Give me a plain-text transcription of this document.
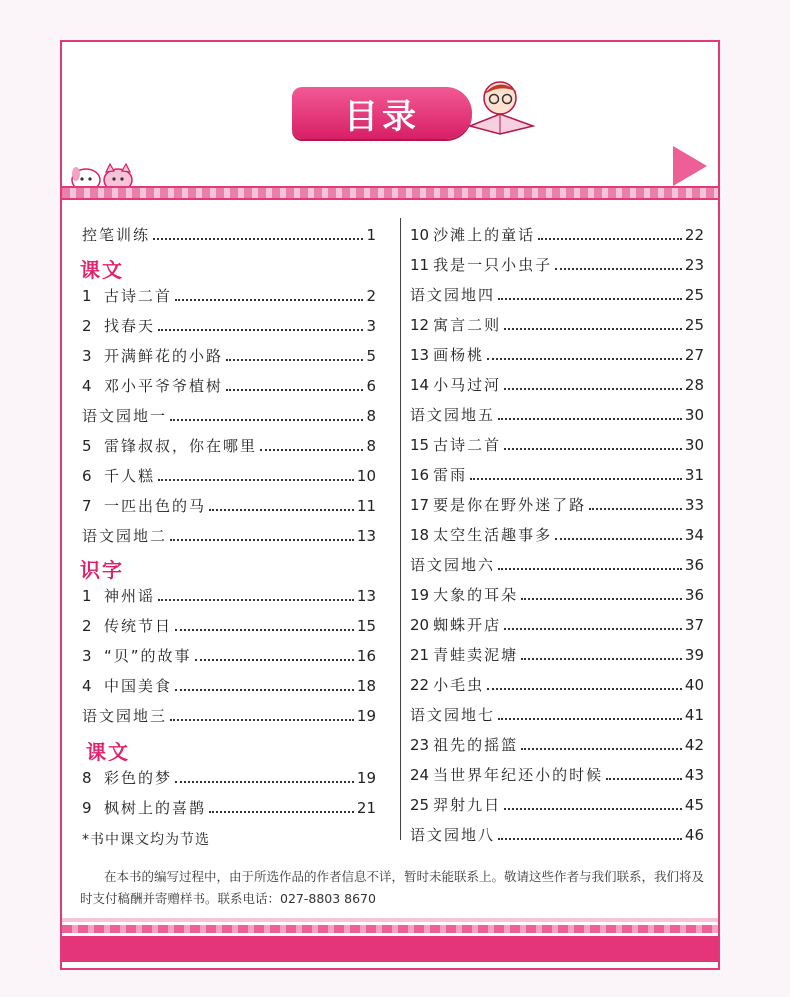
目录
控笔训练	1
课文
1 古诗二首	2
2 找春天	3
3 开满鲜花的小路	5
4 邓小平爷爷植树	6
语文园地一	8
5 雷锋叔叔，你在哪里	8
6 千人糕	10
7 一匹出色的马	11
语文园地二	13
识字
1 神州谣	13
2 传统节日	15
3 “贝”的故事	16
4 中国美食	18
语文园地三	19
课文
8 彩色的梦	19
9 枫树上的喜鹊	21
*书中课文均为节选
10 沙滩上的童话	22
11 我是一只小虫子	23
语文园地四	25
12 寓言二则	25
13 画杨桃	27
14 小马过河	28
语文园地五	30
15 古诗二首	30
16 雷雨	31
17 要是你在野外迷了路	33
18 太空生活趣事多	34
语文园地六	36
19 大象的耳朵	36
20 蜘蛛开店	37
21 青蛙卖泥塘	39
22 小毛虫	40
语文园地七	41
23 祖先的摇篮	42
24 当世界年纪还小的时候	43
25 羿射九日	45
语文园地八	46
在本书的编写过程中，由于所选作品的作者信息不详，暂时未能联系上。敬请这些作者与我们联系，我们将及时支付稿酬并寄赠样书。联系电话：027-8803 8670
